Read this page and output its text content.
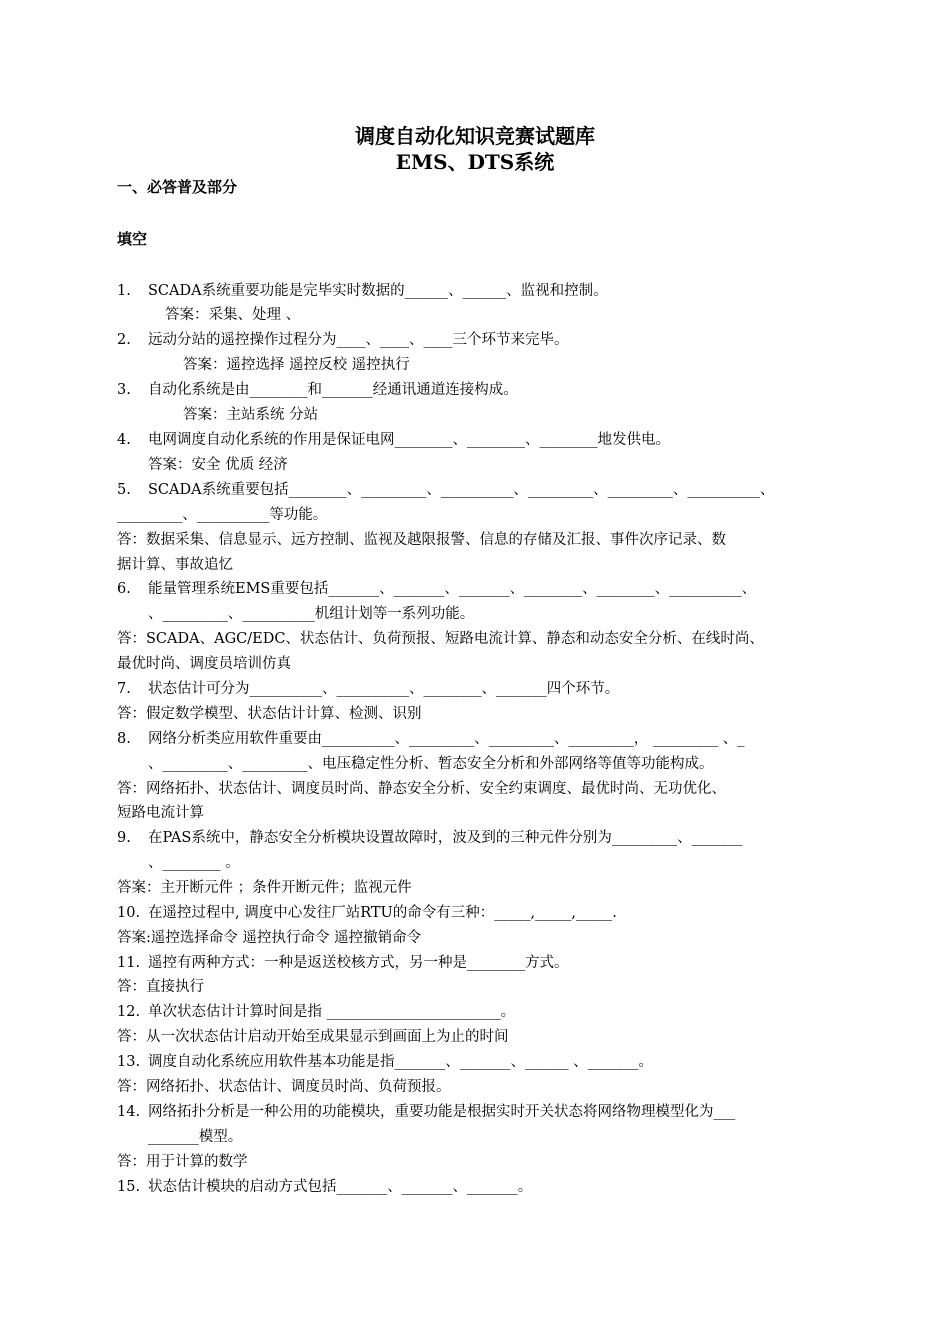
调度自动化知识竞赛试题库
EMS、DTS系统
一、必答普及部分
填空
1. SCADA系统重要功能是完毕实时数据的______、______、监视和控制。
答案：采集、处理 、
2. 远动分站的遥控操作过程分为____、____、____三个环节来完毕。
答案：遥控选择 遥控反校 遥控执行
3. 自动化系统是由________和_______经通讯通道连接构成。
答案：主站系统 分站
4. 电网调度自动化系统的作用是保证电网________、________、________地发供电。
答案：安全 优质 经济
5. SCADA系统重要包括________、_________、__________、_________、_________、__________、
_________、__________等功能。
答：数据采集、信息显示、远方控制、监视及越限报警、信息的存储及汇报、事件次序记录、数
据计算、事故追忆
6. 能量管理系统EMS重要包括_______、_______、_______、________、________、__________、
、_________、__________机组计划等一系列功能。
答：SCADA、AGC/EDC、状态估计、负荷预报、短路电流计算、静态和动态安全分析、在线时尚、
最优时尚、调度员培训仿真
7. 状态估计可分为__________、__________、________、_______四个环节。
答：假定数学模型、状态估计计算、检测、识别
8. 网络分析类应用软件重要由__________、_________、_________、_________， _________ 、_
、_________、_________、电压稳定性分析、暂态安全分析和外部网络等值等功能构成。
答：网络拓扑、状态估计、调度员时尚、静态安全分析、安全约束调度、最优时尚、无功优化、
短路电流计算
9. 在PAS系统中，静态安全分析模块设置故障时，波及到的三种元件分别为_________、_______
、________ 。
答案：主开断元件 ；条件开断元件；监视元件
10. 在遥控过程中, 调度中心发往厂站RTU的命令有三种：_____,_____,_____.
答案:遥控选择命令 遥控执行命令 遥控撤销命令
11. 遥控有两种方式：一种是返送校核方式，另一种是________方式。
答：直接执行
12. 单次状态估计计算时间是指 ________________________。
答：从一次状态估计启动开始至成果显示到画面上为止的时间
13. 调度自动化系统应用软件基本功能是指_______、_______、______ 、_______。
答：网络拓扑、状态估计、调度员时尚、负荷预报。
14. 网络拓扑分析是一种公用的功能模块，重要功能是根据实时开关状态将网络物理模型化为___
_______模型。
答：用于计算的数学
15. 状态估计模块的启动方式包括_______、_______、_______。
